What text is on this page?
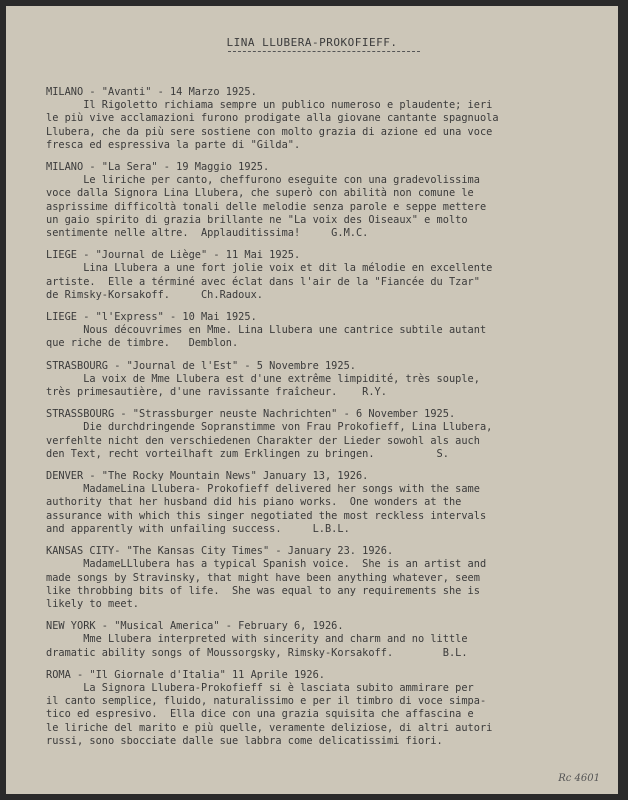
LINA LLUBERA-PROKOFIEFF.

MILANO - "Avanti" - 14 Marzo 1925.

Il Rigoletto richiama sempre un publico numeroso e plaudente; ieri

le più vive acclamazioni furono prodigate alla giovane cantante spagnuola

Llubera, che da più sere sostiene con molto grazia di azione ed una voce

fresca ed espressiva la parte di "Gilda".

MILANO - "La Sera" - 19 Maggio 1925.

Le liriche per canto, cheffurono eseguite con una gradevolissima

voce dalla Signora Lina Llubera, che superò con abilità non comune le

asprissime difficoltà tonali delle melodie senza parole e seppe mettere

un gaio spirito di grazia brillante ne "La voix des Oiseaux" e molto

sentimente nelle altre.  Applauditissima!     G.M.C.

LIEGE - "Journal de Liège" - 11 Mai 1925.

Lina Llubera a une fort jolie voix et dit la mélodie en excellente

artiste.  Elle a términé avec éclat dans l'air de la "Fiancée du Tzar"

de Rimsky-Korsakoff.     Ch.Radoux.

LIEGE - "l'Express" - 10 Mai 1925.

Nous découvrimes en Mme. Lina Llubera une cantrice subtile autant

que riche de timbre.   Demblon.

STRASBOURG - "Journal de l'Est" - 5 Novembre 1925.

La voix de Mme Llubera est d'une extrême limpidité, très souple,

très primesautière, d'une ravissante fraîcheur.    R.Y.

STRASSBOURG - "Strassburger neuste Nachrichten" - 6 November 1925.

Die durchdringende Sopranstimme von Frau Prokofieff, Lina Llubera,

verfehlte nicht den verschiedenen Charakter der Lieder sowohl als auch

den Text, recht vorteilhaft zum Erklingen zu bringen.          S.

DENVER - "The Rocky Mountain News" January 13, 1926.

MadameLina Llubera- Prokofieff delivered her songs with the same

authority that her husband did his piano works.  One wonders at the

assurance with which this singer negotiated the most reckless intervals

and apparently with unfailing success.     L.B.L.

KANSAS CITY- "The Kansas City Times" - January 23. 1926.

MadameLLlubera has a typical Spanish voice.  She is an artist and

made songs by Stravinsky, that might have been anything whatever, seem

like throbbing bits of life.  She was equal to any requirements she is

likely to meet.

NEW YORK - "Musical America" - February 6, 1926.

Mme Llubera interpreted with sincerity and charm and no little

dramatic ability songs of Moussorgsky, Rimsky-Korsakoff.        B.L.

ROMA - "Il Giornale d'Italia" 11 Aprile 1926.

La Signora Llubera-Prokofieff si è lasciata subito ammirare per

il canto semplice, fluido, naturalissimo e per il timbro di voce simpa-

tico ed espresivo.  Ella dice con una grazia squisita che affascina e

le liriche del marito e più quelle, veramente deliziose, di altri autori

russi, sono sbocciate dalle sue labbra come delicatissimi fiori.

Rc 4601
